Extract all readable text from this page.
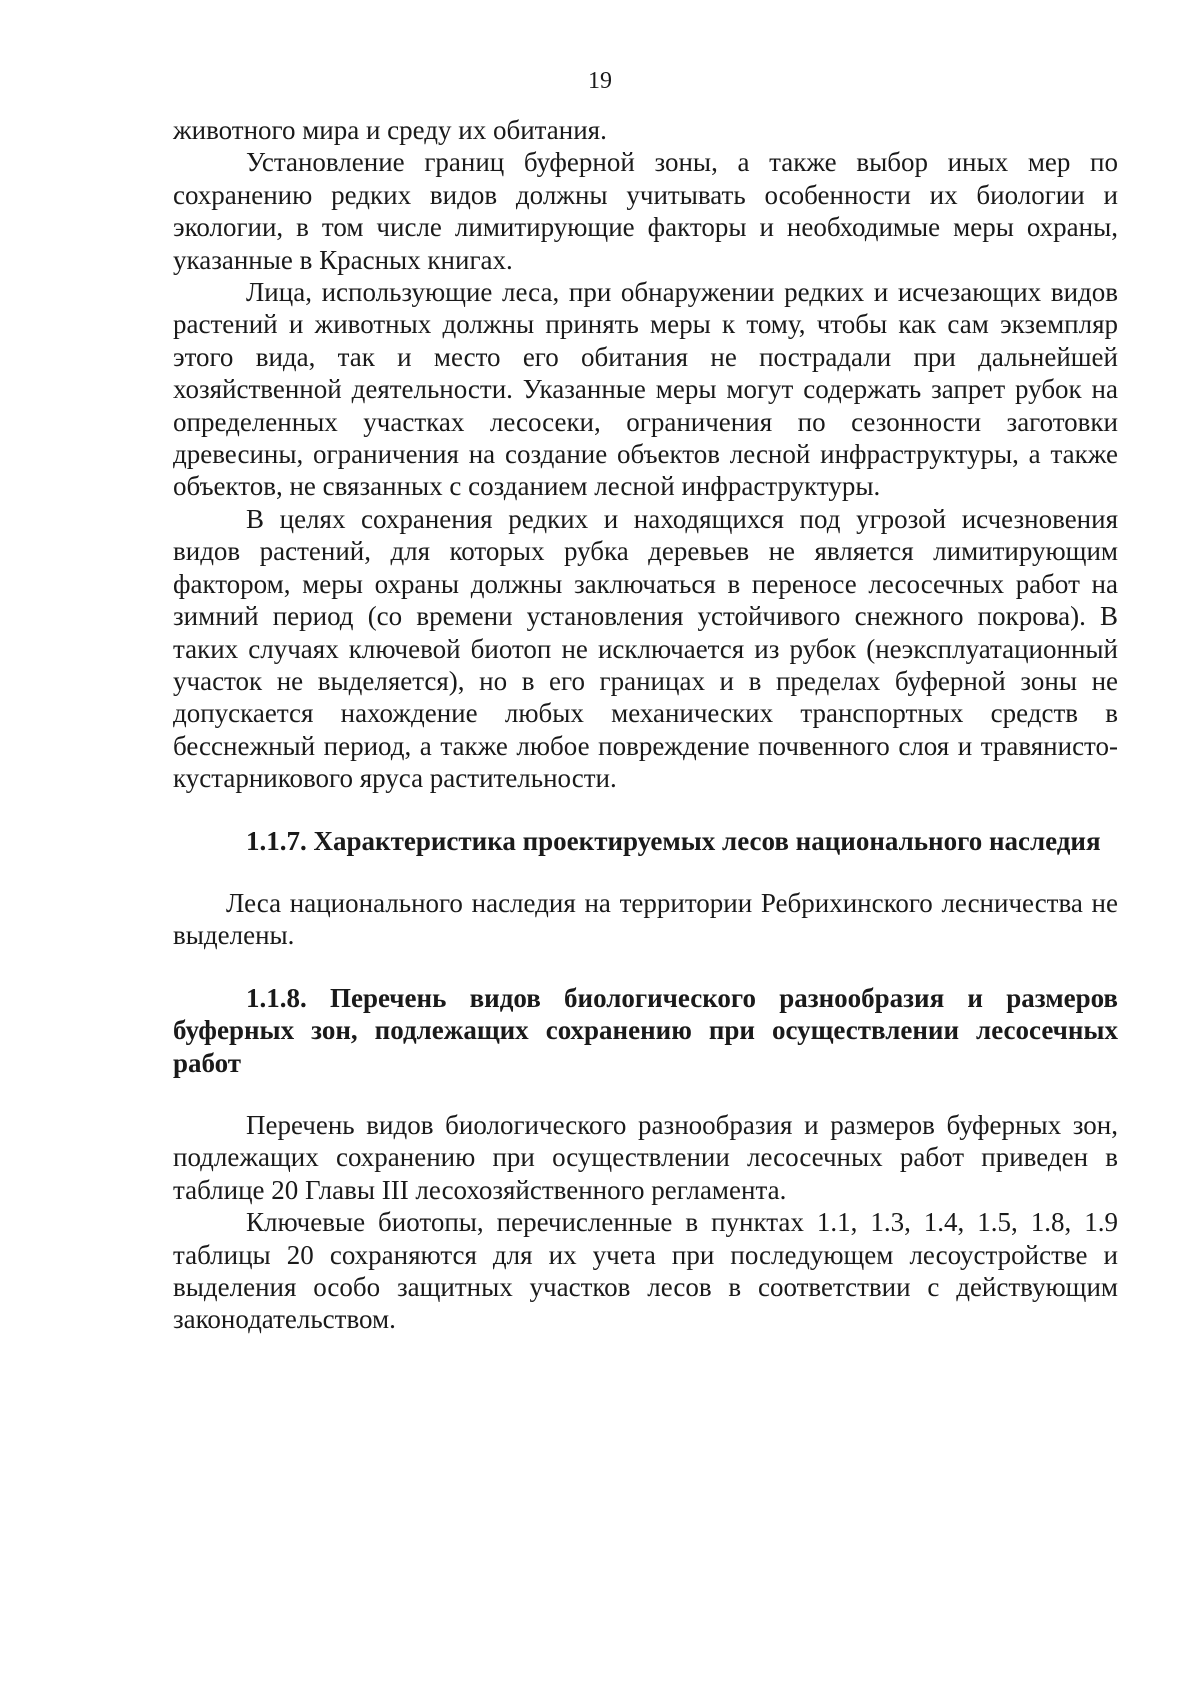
19

животного мира и среду их обитания.

Установление границ буферной зоны, а также выбор иных мер по сохранению редких видов должны учитывать особенности их биологии и экологии, в том числе лимитирующие факторы и необходимые меры охраны, указанные в Красных книгах.

Лица, использующие леса, при обнаружении редких и исчезающих видов растений и животных должны принять меры к тому, чтобы как сам экземпляр этого вида, так и место его обитания не пострадали при дальнейшей хозяйственной деятельности. Указанные меры могут содержать запрет рубок на определенных участках лесосеки, ограничения по сезонности заготовки древесины, ограничения на создание объектов лесной инфраструктуры, а также объектов, не связанных с созданием лесной инфраструктуры.

В целях сохранения редких и находящихся под угрозой исчезновения видов растений, для которых рубка деревьев не является лимитирующим фактором, меры охраны должны заключаться в переносе лесосечных работ на зимний период (со времени установления устойчивого снежного покрова). В таких случаях ключевой биотоп не исключается из рубок (неэксплуатационный участок не выделяется), но в его границах и в пределах буферной зоны не допускается нахождение любых механических транспортных средств в бесснежный период, а также любое повреждение почвенного слоя и травянисто-кустарникового яруса растительности.

1.1.7. Характеристика проектируемых лесов национального наследия

Леса национального наследия на территории Ребрихинского лесничества не выделены.

1.1.8. Перечень видов биологического разнообразия и размеров буферных зон, подлежащих сохранению при осуществлении лесосечных работ

Перечень видов биологического разнообразия и размеров буферных зон, подлежащих сохранению при осуществлении лесосечных работ приведен в таблице 20 Главы III лесохозяйственного регламента.

Ключевые биотопы, перечисленные в пунктах 1.1, 1.3, 1.4, 1.5, 1.8, 1.9 таблицы 20 сохраняются для их учета при последующем лесоустройстве и выделения особо защитных участков лесов в соответствии с действующим законодательством.
